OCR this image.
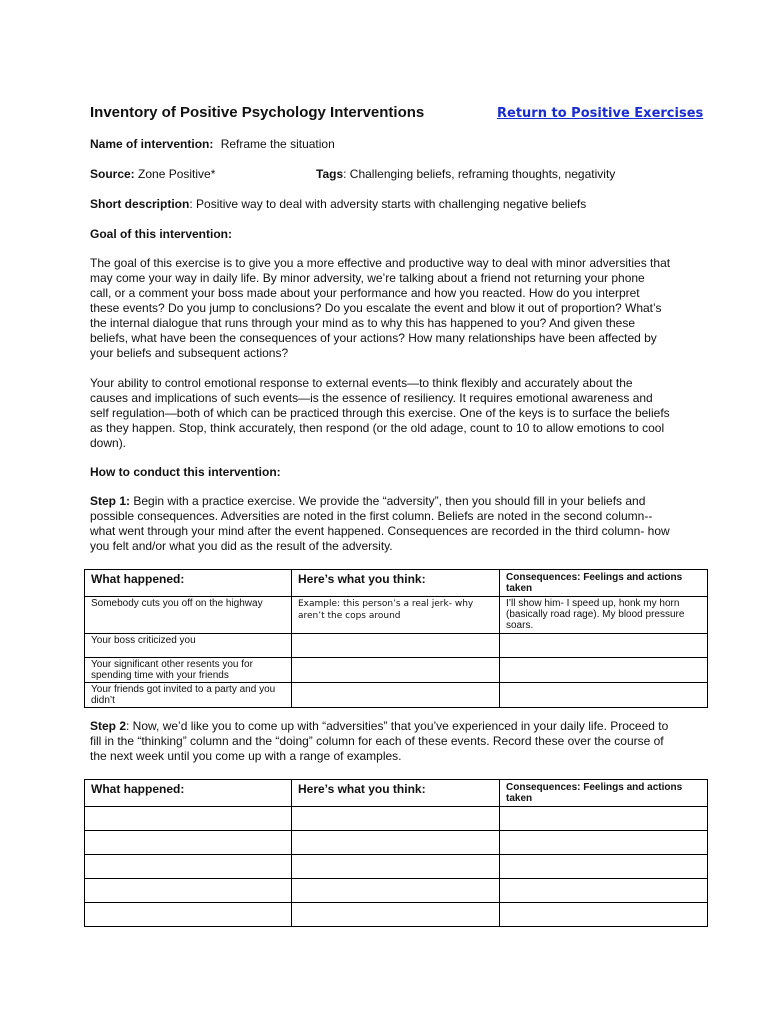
Inventory of Positive Psychology Interventions	Return to Positive Exercises
Name of intervention: Reframe the situation
Source: Zone Positive*	Tags: Challenging beliefs, reframing thoughts, negativity
Short description: Positive way to deal with adversity starts with challenging negative beliefs
Goal of this intervention:

The goal of this exercise is to give you a more effective and productive way to deal with minor adversities that

may come your way in daily life. By minor adversity, we’re talking about a friend not returning your phone

call, or a comment your boss made about your performance and how you reacted. How do you interpret

these events? Do you jump to conclusions? Do you escalate the event and blow it out of proportion? What’s

the internal dialogue that runs through your mind as to why this has happened to you? And given these

beliefs, what have been the consequences of your actions? How many relationships have been affected by

your beliefs and subsequent actions?

Your ability to control emotional response to external events—to think flexibly and accurately about the

causes and implications of such events—is the essence of resiliency. It requires emotional awareness and

self regulation—both of which can be practiced through this exercise. One of the keys is to surface the beliefs

as they happen. Stop, think accurately, then respond (or the old adage, count to 10 to allow emotions to cool

down).

How to conduct this intervention:

Step 1: Begin with a practice exercise. We provide the “adversity”, then you should fill in your beliefs and

possible consequences. Adversities are noted in the first column. Beliefs are noted in the second column--

what went through your mind after the event happened. Consequences are recorded in the third column- how

you felt and/or what you did as the result of the adversity.

What happened:	Here’s what you think:	Consequences: Feelings and actions taken
Somebody cuts you off on the highway	Example: this person’s a real jerk- why aren’t the cops around	I’ll show him- I speed up, honk my horn (basically road rage). My blood pressure soars.
Your boss criticized you		
Your significant other resents you for spending time with your friends		
Your friends got invited to a party and you didn’t		

Step 2: Now, we’d like you to come up with “adversities” that you’ve experienced in your daily life. Proceed to

fill in the “thinking” column and the “doing” column for each of these events. Record these over the course of

the next week until you come up with a range of examples.

What happened:	Here’s what you think:	Consequences: Feelings and actions taken
